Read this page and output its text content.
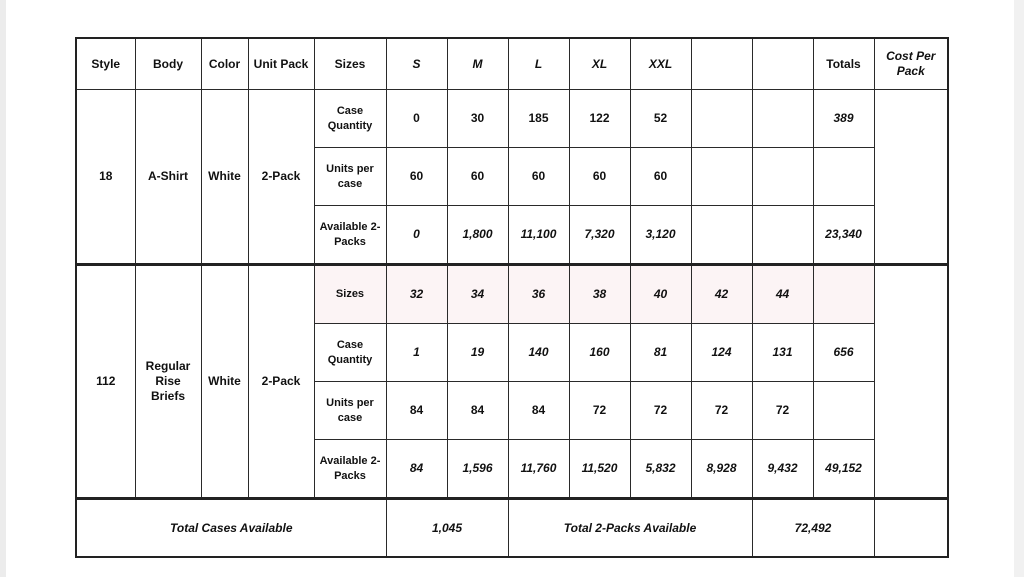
Style	Body	Color	Unit Pack	Sizes	S	M	L	XL	XXL			Totals	Cost Per Pack
18	A-Shirt	White	2-Pack	Case Quantity	0	30	185	122	52			389	
				Units per case	60	60	60	60	60				
				Available 2-Packs	0	1,800	11,100	7,320	3,120			23,340	
112	Regular Rise Briefs	White	2-Pack	Sizes	32	34	36	38	40	42	44		
				Case Quantity	1	19	140	160	81	124	131	656	
				Units per case	84	84	84	72	72	72	72		
				Available 2-Packs	84	1,596	11,760	11,520	5,832	8,928	9,432	49,152	
Total Cases Available					1,045		Total 2-Packs Available				72,492		
